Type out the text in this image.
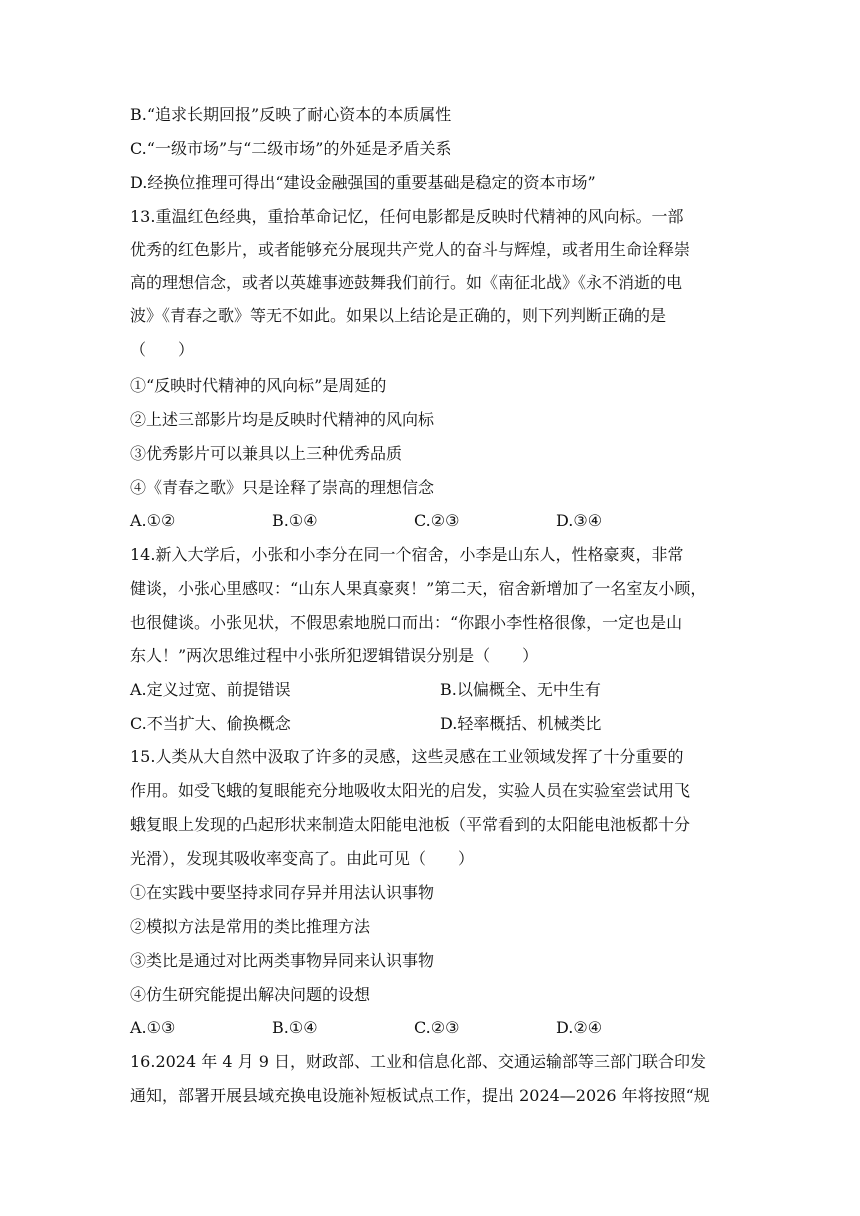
B.“追求长期回报”反映了耐心资本的本质属性
C.“一级市场”与“二级市场”的外延是矛盾关系
D.经换位推理可得出“建设金融强国的重要基础是稳定的资本市场”
13.重温红色经典，重拾革命记忆，任何电影都是反映时代精神的风向标。一部
优秀的红色影片，或者能够充分展现共产党人的奋斗与辉煌，或者用生命诠释崇
高的理想信念，或者以英雄事迹鼓舞我们前行。如《南征北战》《永不消逝的电
波》《青春之歌》等无不如此。如果以上结论是正确的，则下列判断正确的是
（　　）
①“反映时代精神的风向标”是周延的
②上述三部影片均是反映时代精神的风向标
③优秀影片可以兼具以上三种优秀品质
④《青春之歌》只是诠释了崇高的理想信念
A.①②	B.①④	C.②③	D.③④
14.新入大学后，小张和小李分在同一个宿舍，小李是山东人，性格豪爽，非常
健谈，小张心里感叹：“山东人果真豪爽！”第二天，宿舍新增加了一名室友小顾，
也很健谈。小张见状，不假思索地脱口而出：“你跟小李性格很像，一定也是山
东人！”两次思维过程中小张所犯逻辑错误分别是（　　）
A.定义过宽、前提错误	B.以偏概全、无中生有
C.不当扩大、偷换概念	D.轻率概括、机械类比
15.人类从大自然中汲取了许多的灵感，这些灵感在工业领域发挥了十分重要的
作用。如受飞蛾的复眼能充分地吸收太阳光的启发，实验人员在实验室尝试用飞
蛾复眼上发现的凸起形状来制造太阳能电池板（平常看到的太阳能电池板都十分
光滑），发现其吸收率变高了。由此可见（　　）
①在实践中要坚持求同存异并用法认识事物
②模拟方法是常用的类比推理方法
③类比是通过对比两类事物异同来认识事物
④仿生研究能提出解决问题的设想
A.①③	B.①④	C.②③	D.②④
16.2024 年 4 月 9 日，财政部、工业和信息化部、交通运输部等三部门联合印发
通知，部署开展县域充换电设施补短板试点工作，提出 2024—2026 年将按照“规
